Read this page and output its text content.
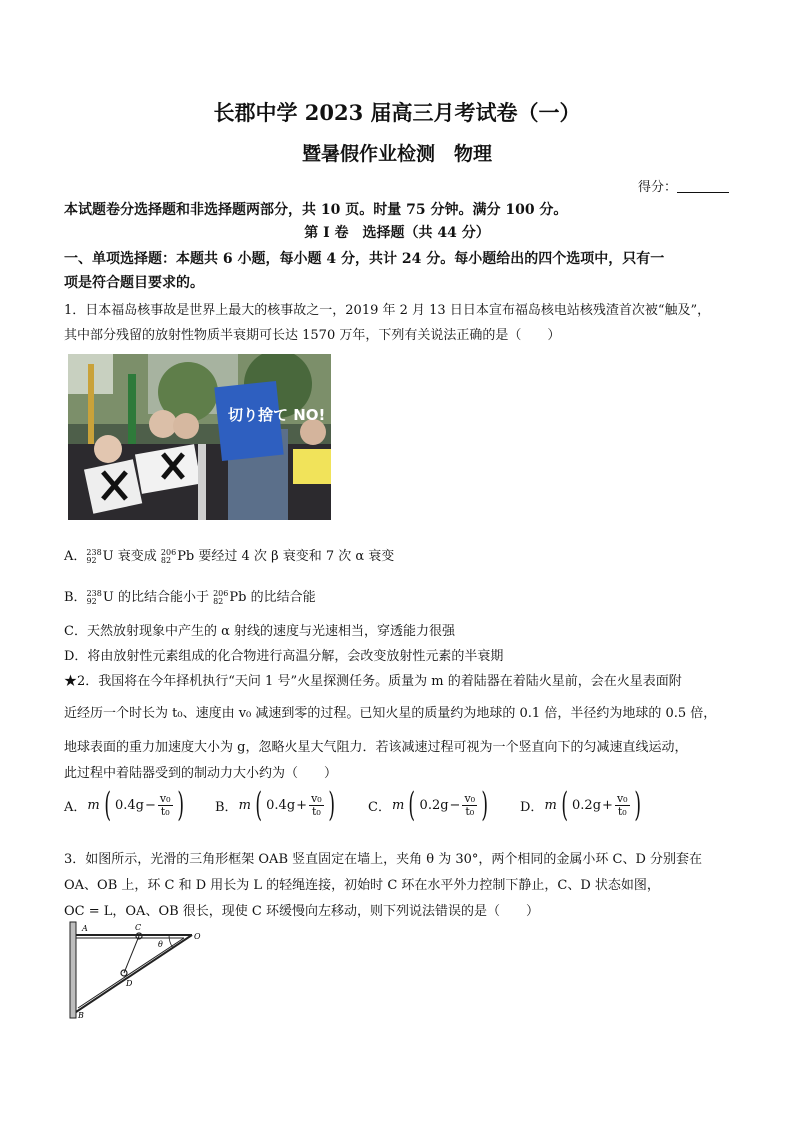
长郡中学 2023 届高三月考试卷（一）
暨暑假作业检测　物理
得分：
本试题卷分选择题和非选择题两部分，共 10 页。时量 75 分钟。满分 100 分。
第 I 卷　选择题（共 44 分）
一、单项选择题：本题共 6 小题，每小题 4 分，共计 24 分。每小题给出的四个选项中，只有一
项是符合题目要求的。
1．日本福岛核事故是世界上最大的核事故之一，2019 年 2 月 13 日日本宣布福岛核电站核残渣首次被“触及”，
其中部分残留的放射性物质半衰期可长达 1570 万年，下列有关说法正确的是（　　）
切り捨て NO!
A． 238
92 U 衰变成 206
82 Pb 要经过 4 次 β 衰变和 7 次 α 衰变
B． 238
92 U 的比结合能小于 206
82 Pb 的比结合能
C．天然放射现象中产生的 α 射线的速度与光速相当，穿透能力很强
D．将由放射性元素组成的化合物进行高温分解，会改变放射性元素的半衰期
★2．我国将在今年择机执行“天问 1 号”火星探测任务。质量为 m 的着陆器在着陆火星前，会在火星表面附
近经历一个时长为 t₀、速度由 v₀ 减速到零的过程。已知火星的质量约为地球的 0.1 倍，半径约为地球的 0.5 倍，
地球表面的重力加速度大小为 g，忽略火星大气阻力．若该减速过程可视为一个竖直向下的匀减速直线运动，
此过程中着陆器受到的制动力大小约为（　　）
A． m ( $0.4g - \frac{\text{v₀}}{\text{t₀}}$ ) B． m ( $0.4g + \frac{\text{v₀}}{\text{t₀}}$ )	C． m ( $0.2g - \frac{\text{v₀}}{\text{t₀}}$ ) D． m ( $0.2g + \frac{\text{v₀}}{\text{t₀}}$ )
3．如图所示，光滑的三角形框架 OAB 竖直固定在墙上，夹角 θ 为 30°，两个相同的金属小环 C、D 分别套在
OA、OB 上，环 C 和 D 用长为 L 的轻绳连接，初始时 C 环在水平外力控制下静止，C、D 状态如图，
OC = L，OA、OB 很长，现使 C 环缓慢向左移动，则下列说法错误的是（　　）
A	C
O
θ
D
B
